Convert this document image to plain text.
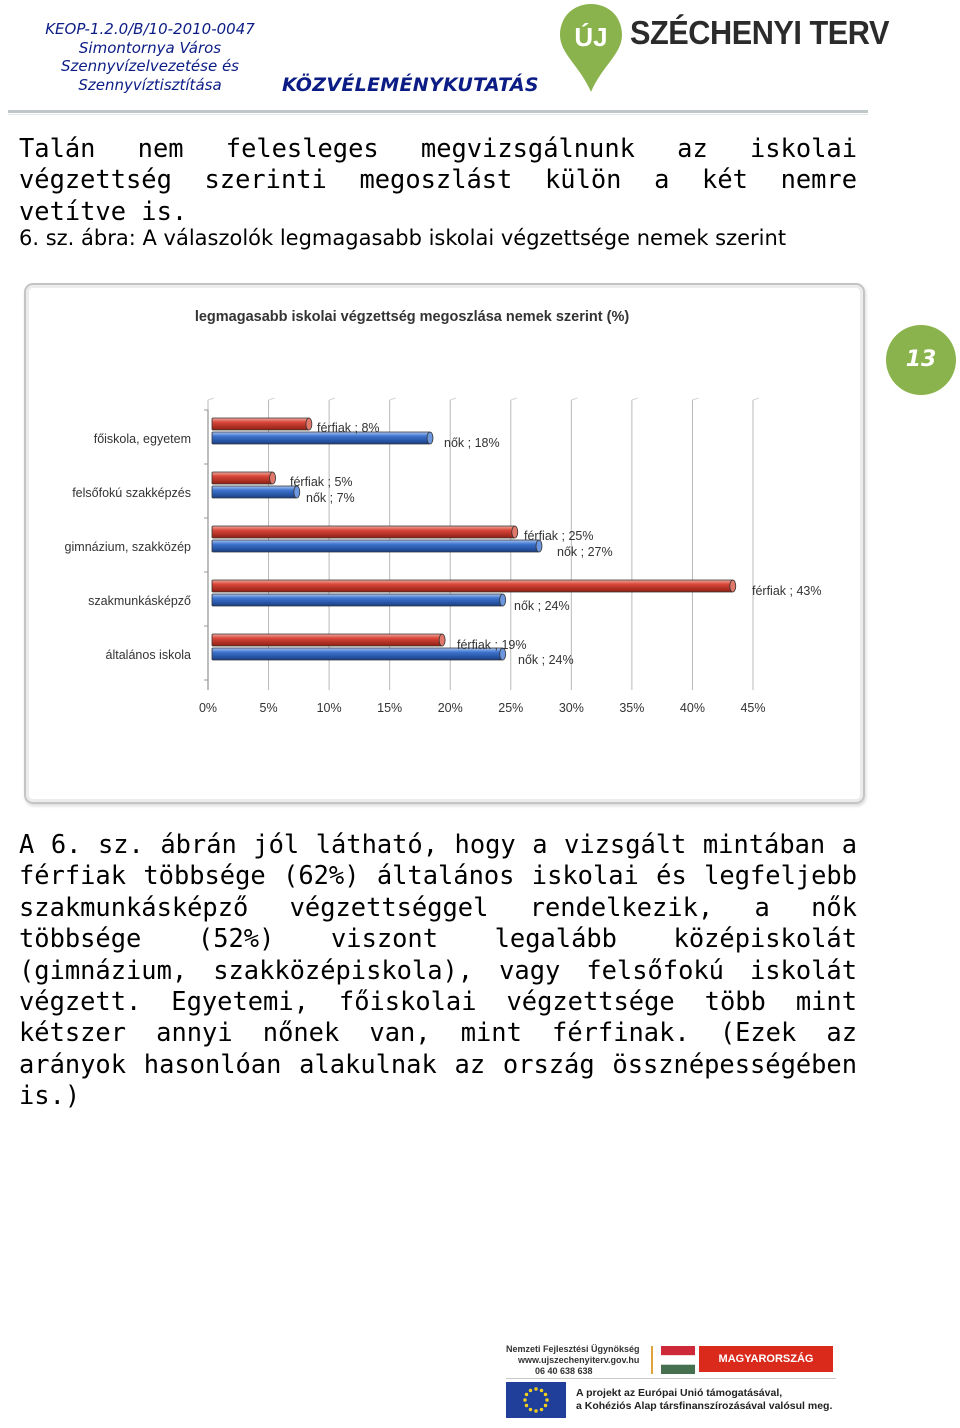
KEOP-1.2.0/B/10-2010-0047
Simontornya Város
Szennyvízelvezetése és
Szennyvíztisztítása	KÖZVÉLEMÉNYKUTATÁS
ÚJ SZÉCHENYI TERV
Talán nem felesleges megvizsgálnunk az iskolai végzettség szerinti megoszlást külön a két nemre vetítve is.
6. sz. ábra: A válaszolók legmagasabb iskolai végzettsége nemek szerint
legmagasabb iskolai végzettség megoszlása nemek szerint (%)
férfiak ; 8%
nők ; 18%
férfiak ; 5%
nők ; 7%
férfiak ; 25%
nők ; 27%
férfiak ; 43%
nők ; 24%
férfiak ; 19%
nők ; 24%
főiskola, egyetem
felsőfokú szakképzés
gimnázium, szakközép
szakmunkásképző
általános iskola
0%	5%	10%	15%	20%	25%	30%	35%	40%	45%
13
A 6. sz. ábrán jól látható, hogy a vizsgált mintában a férfiak többsége (62%) általános iskolai és legfeljebb szakmunkásképző végzettséggel rendelkezik, a nők többsége (52%) viszont legalább középiskolát (gimnázium, szakközépiskola), vagy felsőfokú iskolát végzett. Egyetemi, főiskolai végzettsége több mint kétszer annyi nőnek van, mint férfinak. (Ezek az arányok hasonlóan alakulnak az ország össznépességében is.)
Nemzeti Fejlesztési Ügynökség
www.ujszechenyiterv.gov.hu
06 40 638 638
MAGYARORSZÁG MEGÚJUL
A projekt az Európai Unió támogatásával,
a Kohéziós Alap társfinanszírozásával valósul meg.
